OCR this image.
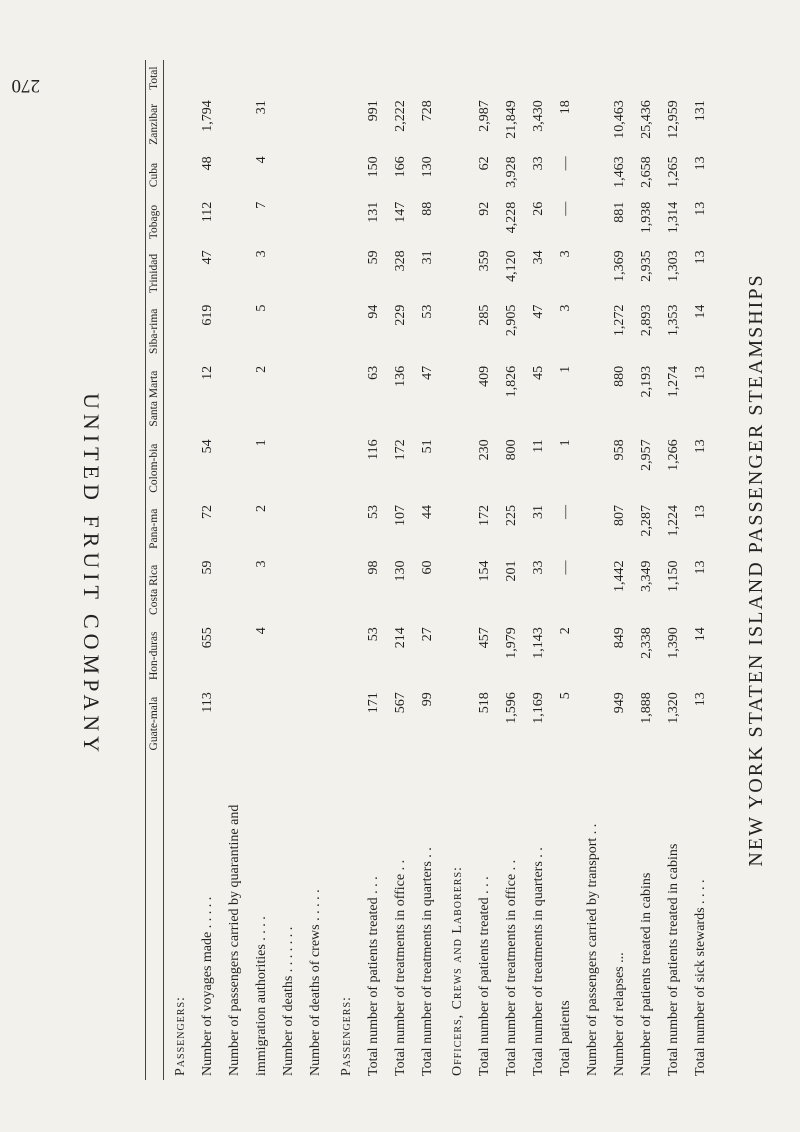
270
UNITED FRUIT COMPANY
		Guate-mala	Hon-duras	Costa Rica	Pana-ma	Colom-bia	Santa Marta	Siba-rima	Trinidad	Tobago	Cuba	Zanzibar	Total
Passengers:												
Number of voyages made . . . . .	113	655	59	72	54	12	619	47	112	48	1,794	
Number of passengers carried by quarantine and												
immigration authorities . . . .		4	3	2	1	2	5	3	7	4	31	
Number of deaths . . . . . . .												
Number of deaths of crews . . . . .												
Passengers:												
Total number of patients treated . . .	171	53	98	53	116	63	94	59	131	150	991	
Total number of treatments in office . .	567	214	130	107	172	136	229	328	147	166	2,222	
Total number of treatments in quarters . .	99	27	60	44	51	47	53	31	88	130	728	
Officers, Crews and Laborers:												
Total number of patients treated . . .	518	457	154	172	230	409	285	359	92	62	2,987	
Total number of treatments in office . .	1,596	1,979	201	225	800	1,826	2,905	4,120	4,228	3,928	21,849	
Total number of treatments in quarters . .	1,169	1,143	33	31	11	45	47	34	26	33	3,430	
Total patients	5	2	—	—	1	1	3	3	—	—	18	
Number of passengers carried by transport . .												
Number of relapses ...	949	849	1,442	807	958	880	1,272	1,369	881	1,463	10,463	
Number of patients treated in cabins	1,888	2,338	3,349	2,287	2,957	2,193	2,893	2,935	1,938	2,658	25,436	
Total number of patients treated in cabins	1,320	1,390	1,150	1,224	1,266	1,274	1,353	1,303	1,314	1,265	12,959	
Total number of sick stewards . . . .	13	14	13	13	13	13	14	13	13	13	131	
NEW YORK STATEN ISLAND PASSENGER STEAMSHIPS
